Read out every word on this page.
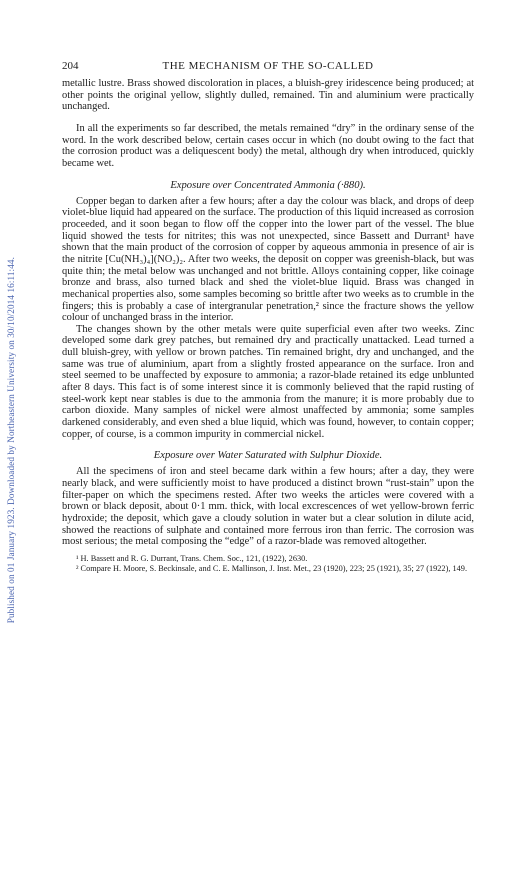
Published on 01 January 1923. Downloaded by Northeastern University on 30/10/2014 16:11:44.
204	THE MECHANISM OF THE SO-CALLED

metallic lustre. Brass showed discoloration in places, a bluish-grey iridescence being produced; at other points the original yellow, slightly dulled, remained. Tin and aluminium were practically unchanged.

In all the experiments so far described, the metals remained “dry” in the ordinary sense of the word. In the work described below, certain cases occur in which (no doubt owing to the fact that the corrosion product was a deliquescent body) the metal, although dry when introduced, quickly became wet.

Exposure over Concentrated Ammonia (·880).

Copper began to darken after a few hours; after a day the colour was black, and drops of deep violet-blue liquid had appeared on the surface. The production of this liquid increased as corrosion proceeded, and it soon began to flow off the copper into the lower part of the vessel. The blue liquid showed the tests for nitrites; this was not unexpected, since Bassett and Durrant¹ have shown that the main product of the corrosion of copper by aqueous ammonia in presence of air is the nitrite [Cu(NH₃)₄](NO₂)₂. After two weeks, the deposit on copper was greenish-black, but was quite thin; the metal below was unchanged and not brittle. Alloys containing copper, like coinage bronze and brass, also turned black and shed the violet-blue liquid. Brass was changed in mechanical properties also, some samples becoming so brittle after two weeks as to crumble in the fingers; this is probably a case of intergranular penetration,² since the fracture shows the yellow colour of unchanged brass in the interior.

The changes shown by the other metals were quite superficial even after two weeks. Zinc developed some dark grey patches, but remained dry and practically unattacked. Lead turned a dull bluish-grey, with yellow or brown patches. Tin remained bright, dry and unchanged, and the same was true of aluminium, apart from a slightly frosted appearance on the surface. Iron and steel seemed to be unaffected by exposure to ammonia; a razor-blade retained its edge unblunted after 8 days. This fact is of some interest since it is commonly believed that the rapid rusting of steel-work kept near stables is due to the ammonia from the manure; it is more probably due to carbon dioxide. Many samples of nickel were almost unaffected by ammonia; some samples darkened considerably, and even shed a blue liquid, which was found, however, to contain copper; copper, of course, is a common impurity in commercial nickel.

Exposure over Water Saturated with Sulphur Dioxide.

All the specimens of iron and steel became dark within a few hours; after a day, they were nearly black, and were sufficiently moist to have produced a distinct brown “rust-stain” upon the filter-paper on which the specimens rested. After two weeks the articles were covered with a brown or black deposit, about 0·1 mm. thick, with local excrescences of wet yellow-brown ferric hydroxide; the deposit, which gave a cloudy solution in water but a clear solution in dilute acid, showed the reactions of sulphate and contained more ferrous iron than ferric. The corrosion was most serious; the metal composing the “edge” of a razor-blade was removed altogether.

¹ H. Bassett and R. G. Durrant, Trans. Chem. Soc., 121, (1922), 2630.
² Compare H. Moore, S. Beckinsale, and C. E. Mallinson, J. Inst. Met., 23 (1920), 223; 25 (1921), 35; 27 (1922), 149.
